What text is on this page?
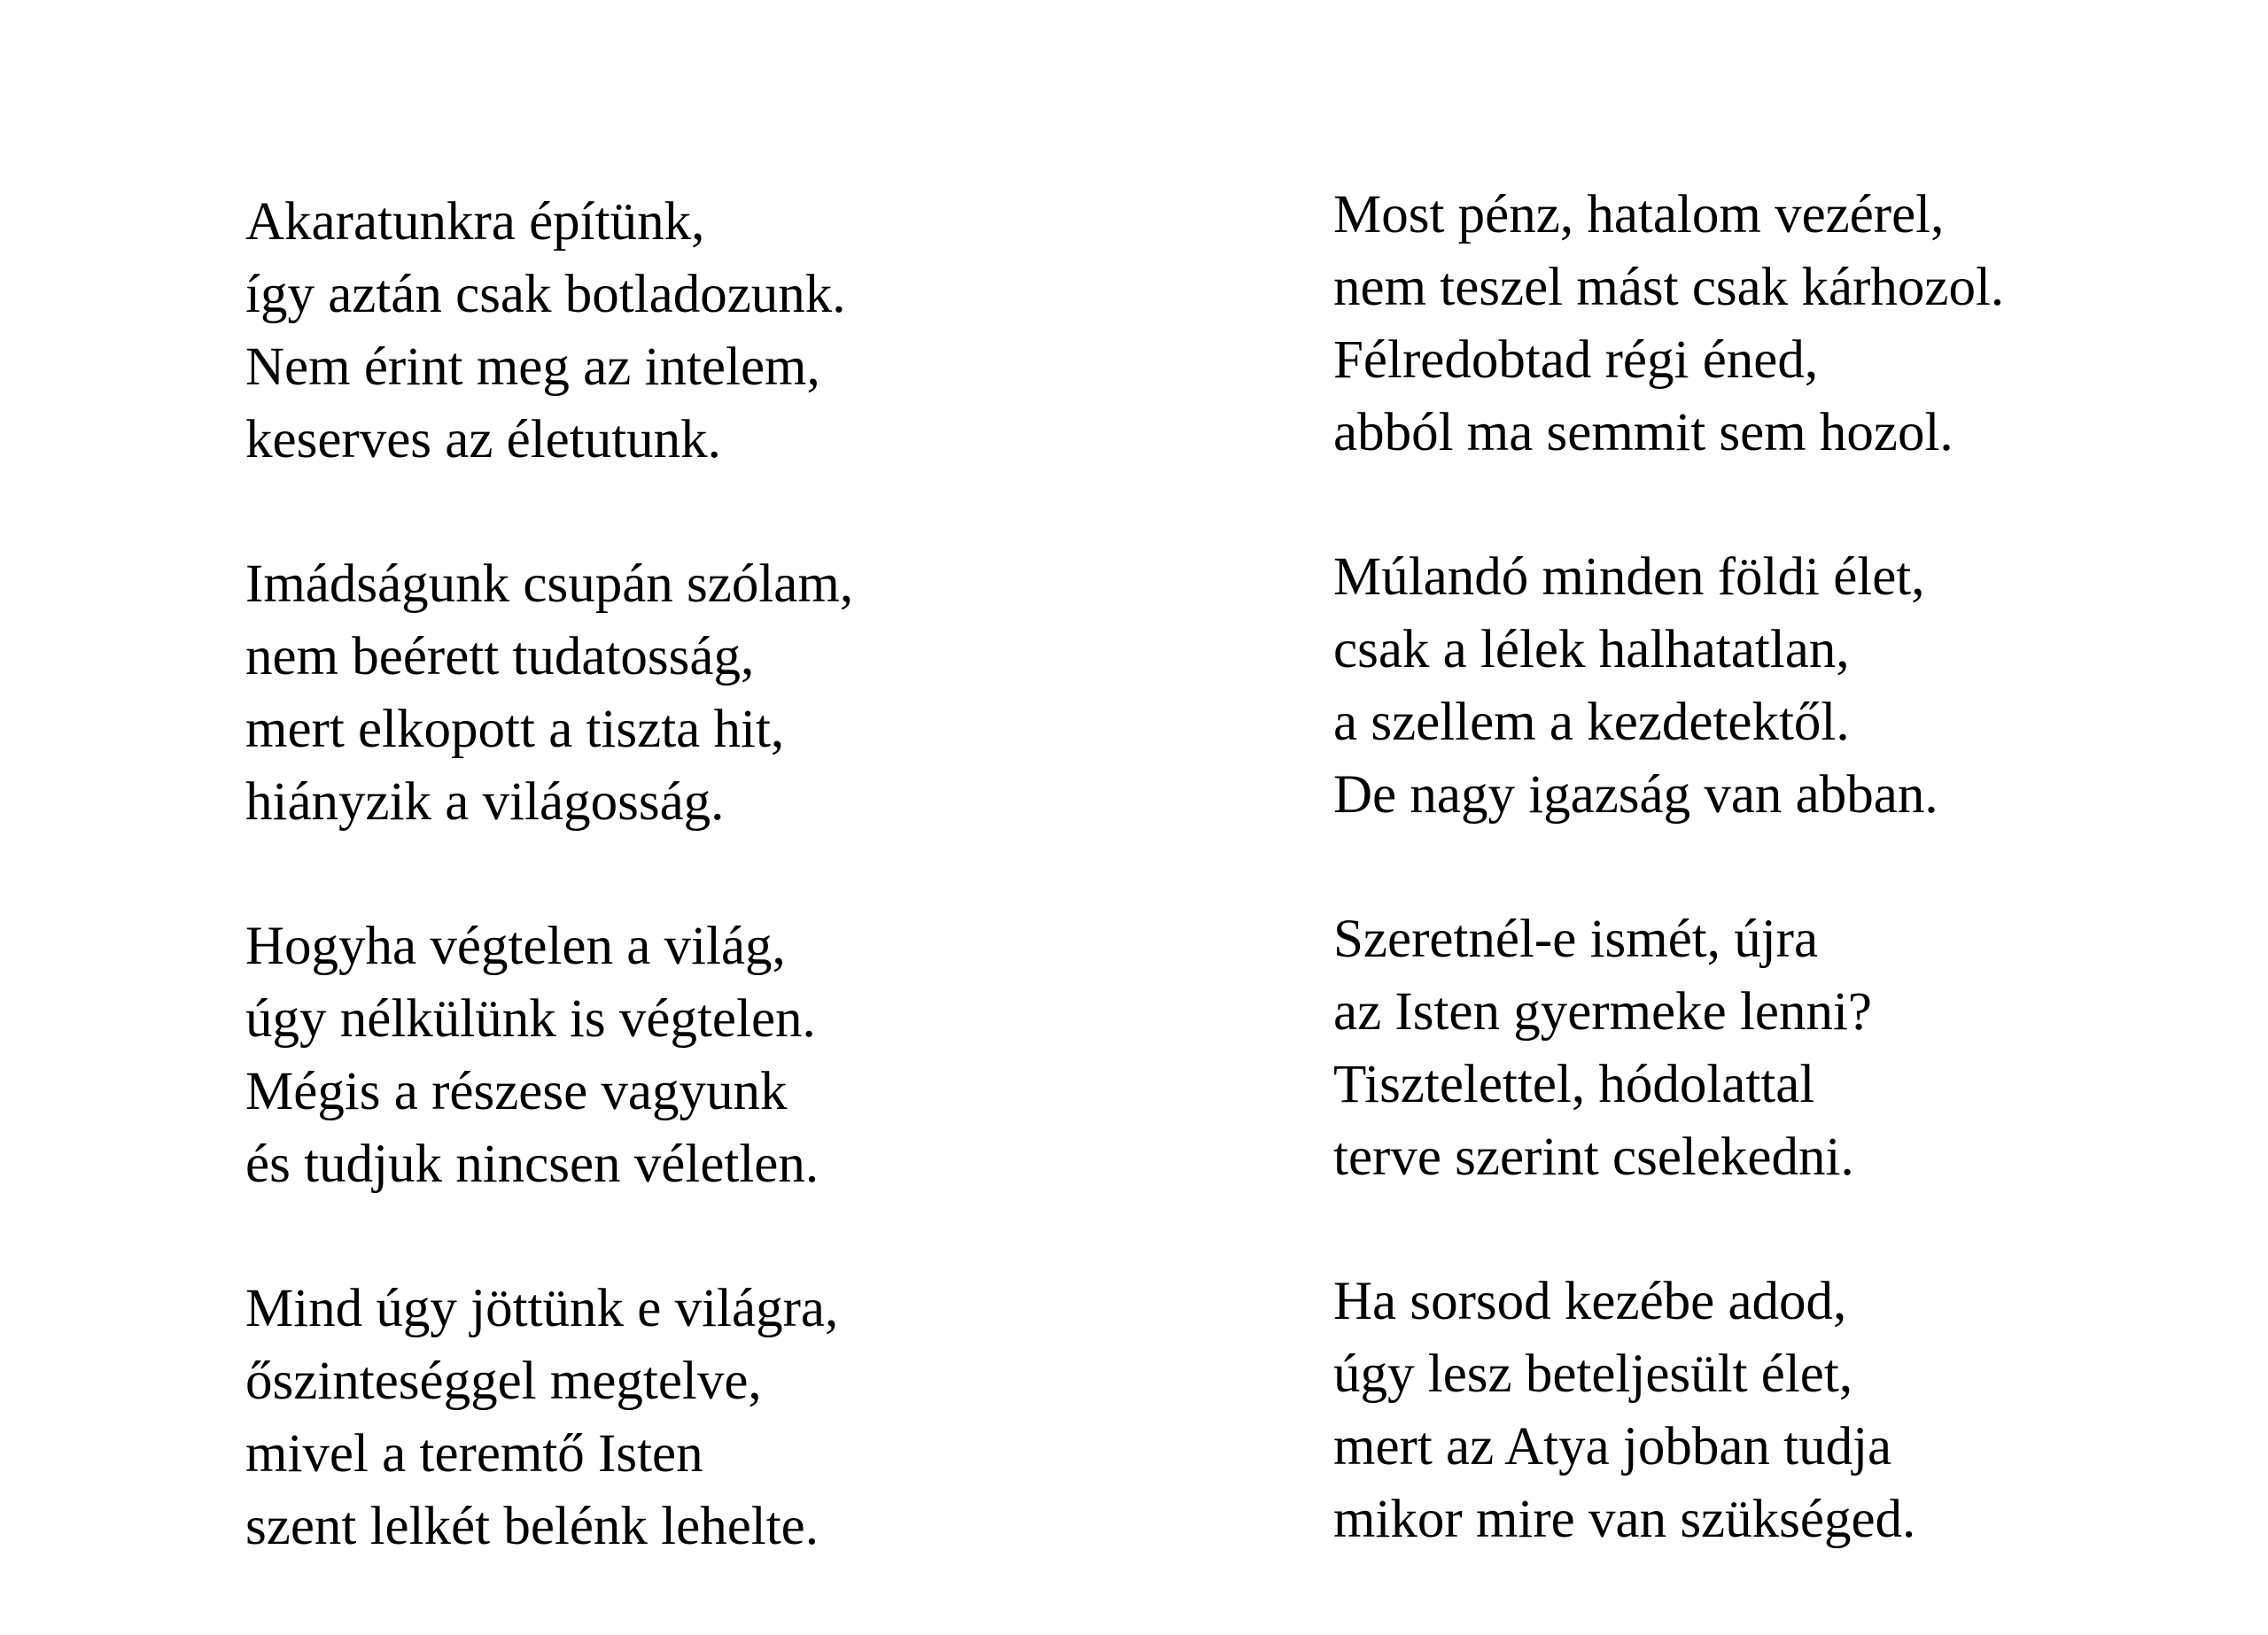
Akaratunkra építünk,
így aztán csak botladozunk.
Nem érint meg az intelem,
keserves az életutunk.

Imádságunk csupán szólam,
nem beérett tudatosság,
mert elkopott a tiszta hit,
hiányzik a világosság.

Hogyha végtelen a világ,
úgy nélkülünk is végtelen.
Mégis a részese vagyunk
és tudjuk nincsen véletlen.

Mind úgy jöttünk e világra,
őszinteséggel megtelve,
mivel a teremtő Isten
szent lelkét belénk lehelte.

Most pénz, hatalom vezérel,
nem teszel mást csak kárhozol.
Félredobtad régi éned,
abból ma semmit sem hozol.

Múlandó minden földi élet,
csak a lélek halhatatlan,
a szellem a kezdetektől.
De nagy igazság van abban.

Szeretnél-e ismét, újra
az Isten gyermeke lenni?
Tisztelettel, hódolattal
terve szerint cselekedni.

Ha sorsod kezébe adod,
úgy lesz beteljesült élet,
mert az Atya jobban tudja
mikor mire van szükséged.
